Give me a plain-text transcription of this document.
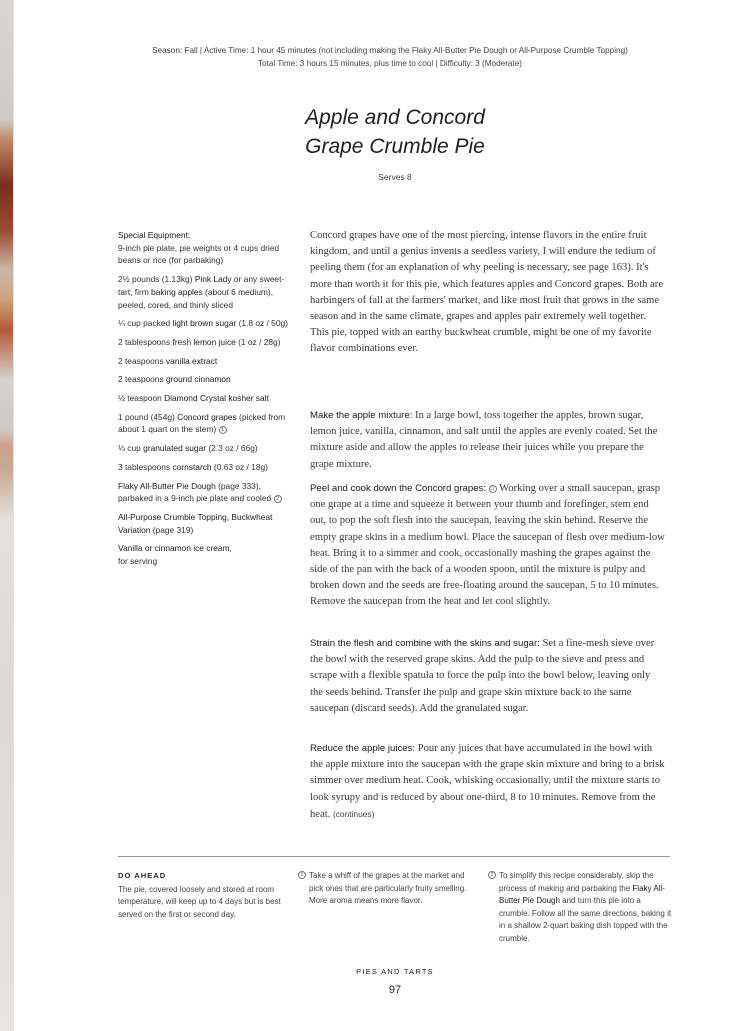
Season: Fall | Active Time: 1 hour 45 minutes (not including making the Flaky All-Butter Pie Dough or All-Purpose Crumble Topping)
Total Time: 3 hours 15 minutes, plus time to cool | Difficulty: 3 (Moderate)
Apple and Concord
Grape Crumble Pie
Serves 8

Special Equipment:
9-inch pie plate, pie weights or 4 cups dried beans or rice (for parbaking)

2½ pounds (1.13kg) Pink Lady or any sweet-tart, firm baking apples (about 6 medium), peeled, cored, and thinly sliced

¼ cup packed light brown sugar (1.8 oz / 50g)

2 tablespoons fresh lemon juice (1 oz / 28g)

2 teaspoons vanilla extract

2 teaspoons ground cinnamon

½ teaspoon Diamond Crystal kosher salt

1 pound (454g) Concord grapes (picked from about 1 quart on the stem) 1

⅓ cup granulated sugar (2.3 oz / 66g)

3 tablespoons cornstarch (0.63 oz / 18g)

Flaky All-Butter Pie Dough (page 333), parbaked in a 9-inch pie plate and cooled 2

All-Purpose Crumble Topping, Buckwheat Variation (page 319)

Vanilla or cinnamon ice cream,
for serving

Concord grapes have one of the most piercing, intense flavors in the entire fruit kingdom, and until a genius invents a seedless variety, I will endure the tedium of peeling them (for an explanation of why peeling is necessary, see page 163). It's more than worth it for this pie, which features apples and Concord grapes. Both are harbingers of fall at the farmers' market, and like most fruit that grows in the same season and in the same climate, grapes and apples pair extremely well together. This pie, topped with an earthy buckwheat crumble, might be one of my favorite flavor combinations ever.
Make the apple mixture: In a large bowl, toss together the apples, brown sugar, lemon juice, vanilla, cinnamon, and salt until the apples are evenly coated. Set the mixture aside and allow the apples to release their juices while you prepare the grape mixture.
Peel and cook down the Concord grapes: 3 Working over a small saucepan, grasp one grape at a time and squeeze it between your thumb and forefinger, stem end out, to pop the soft flesh into the saucepan, leaving the skin behind. Reserve the empty grape skins in a medium bowl. Place the saucepan of flesh over medium-low heat. Bring it to a simmer and cook, occasionally mashing the grapes against the side of the pan with the back of a wooden spoon, until the mixture is pulpy and broken down and the seeds are free-floating around the saucepan, 5 to 10 minutes. Remove the saucepan from the heat and let cool slightly.
Strain the flesh and combine with the skins and sugar: Set a fine-mesh sieve over the bowl with the reserved grape skins. Add the pulp to the sieve and press and scrape with a flexible spatula to force the pulp into the bowl below, leaving only the seeds behind. Transfer the pulp and grape skin mixture back to the same saucepan (discard seeds). Add the granulated sugar.
Reduce the apple juices: Pour any juices that have accumulated in the bowl with the apple mixture into the saucepan with the grape skin mixture and bring to a brisk simmer over medium heat. Cook, whisking occasionally, until the mixture starts to look syrupy and is reduced by about one-third, 8 to 10 minutes. Remove from the heat. (continues)
DO AHEAD
The pie, covered loosely and stored at room temperature, will keep up to 4 days but is best served on the first or second day.
1 Take a whiff of the grapes at the market and pick ones that are particularly fruity smelling. More aroma means more flavor.
2 To simplify this recipe considerably, skip the process of making and parbaking the Flaky All-Butter Pie Dough and turn this pie into a crumble. Follow all the same directions, baking it in a shallow 2-quart baking dish topped with the crumble.
PIES AND TARTS
97
